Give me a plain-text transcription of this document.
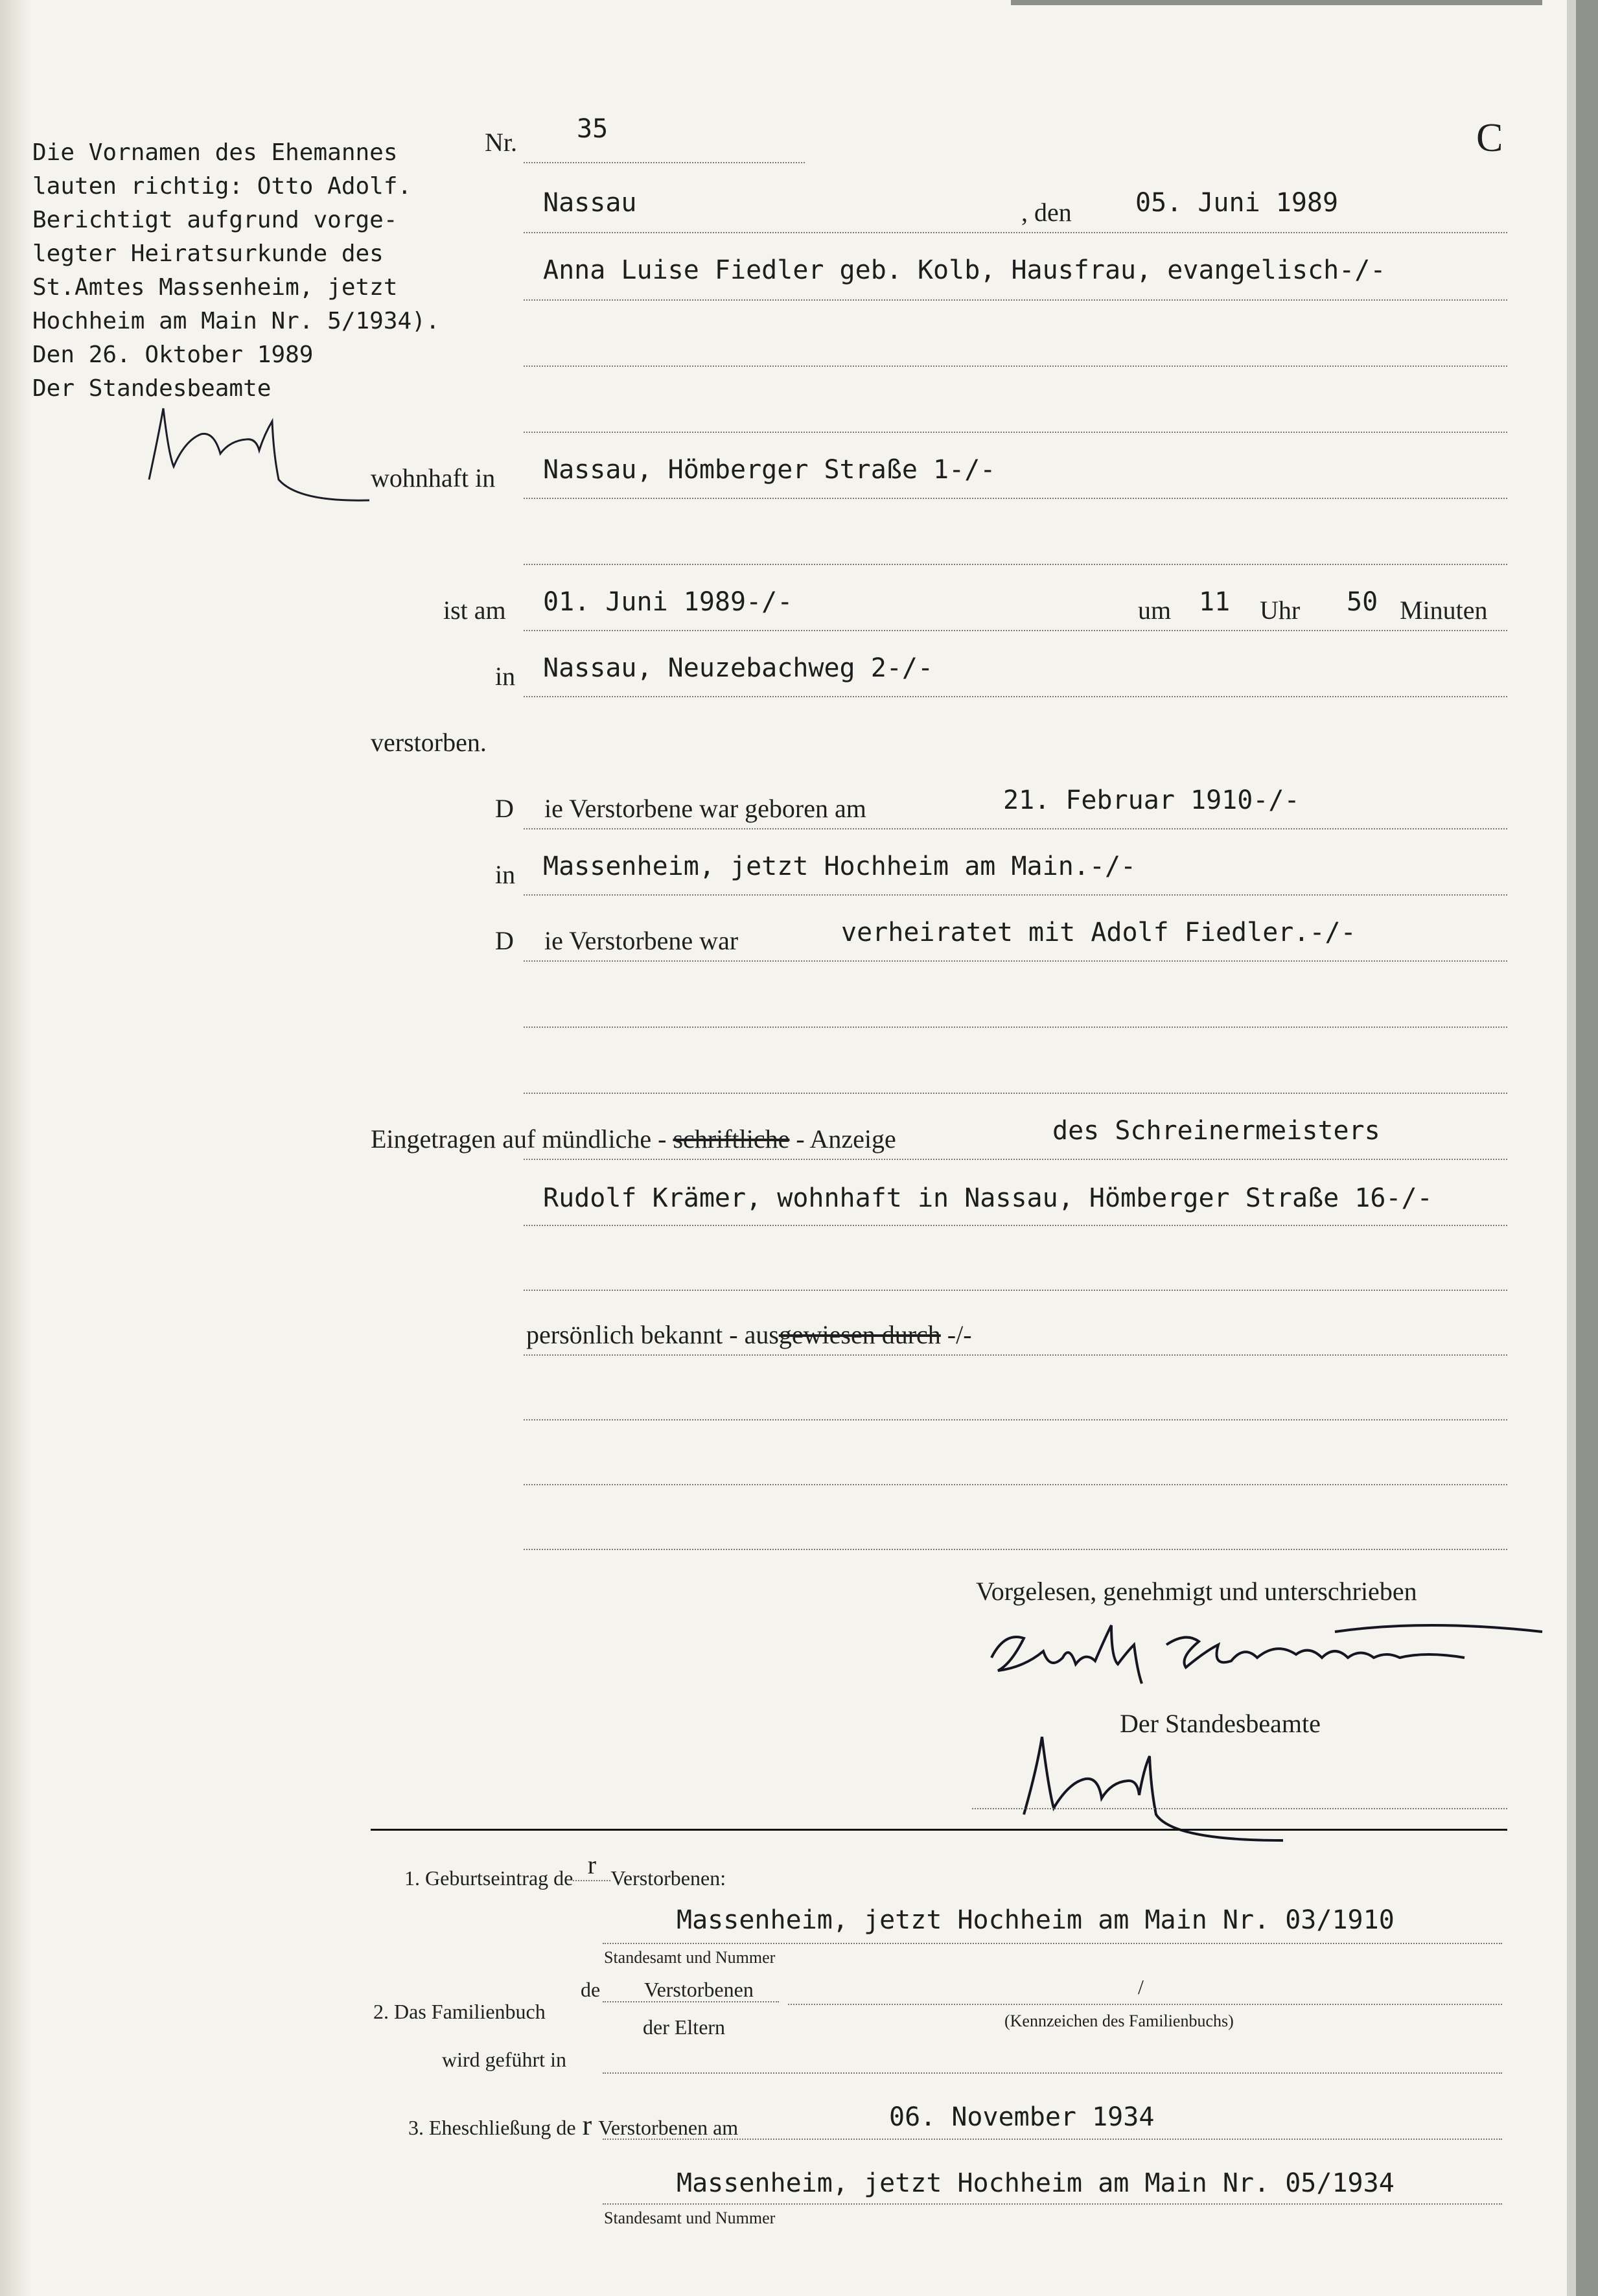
Die Vornamen des Ehemannes
lauten richtig: Otto Adolf.
Berichtigt aufgrund vorge-
legter Heiratsurkunde des
St.Amtes Massenheim, jetzt
Hochheim am Main Nr. 5/1934).
Den 26. Oktober 1989
Der Standesbeamte
Nr. 35	C
Nassau	, den 05. Juni 1989
Anna Luise Fiedler geb. Kolb, Hausfrau, evangelisch-/-
wohnhaft in Nassau, Hömberger Straße 1-/-
ist am 01. Juni 1989-/-	um 11 Uhr 50 Minuten
in Nassau, Neuzebachweg 2-/-
verstorben.
D ie Verstorbene war geboren am	21. Februar 1910-/-
in Massenheim, jetzt Hochheim am Main.-/-
D ie Verstorbene war	verheiratet mit Adolf Fiedler.-/-
Eingetragen auf mündliche - schriftliche - Anzeige	des Schreinermeisters
Rudolf Krämer, wohnhaft in Nassau, Hömberger Straße 16-/-
persönlich bekannt - ausgewiesen durch -/-
Vorgelesen, genehmigt und unterschrieben
Der Standesbeamte
1. Geburtseintrag de r Verstorbenen:
Massenheim, jetzt Hochheim am Main Nr. 03/1910
Standesamt und Nummer
2. Das Familienbuch
de Verstorbenen
der Eltern
/
(Kennzeichen des Familienbuchs)
wird geführt in
3. Eheschließung de r Verstorbenen am	06. November 1934
Massenheim, jetzt Hochheim am Main Nr. 05/1934
Standesamt und Nummer
